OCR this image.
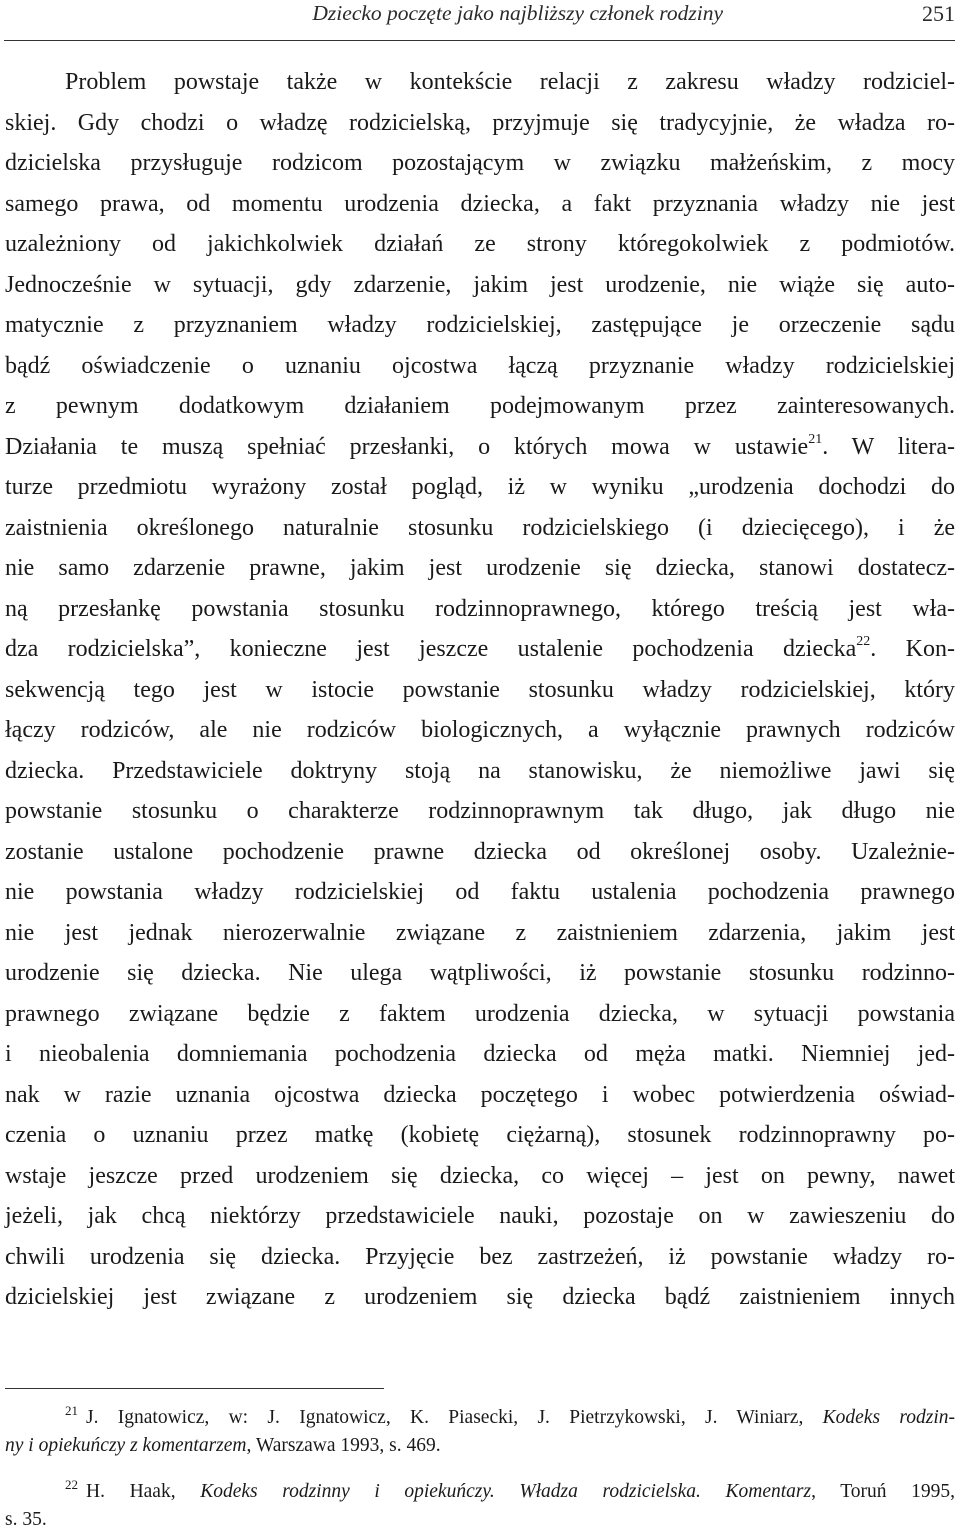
Dziecko poczęte jako najbliższy członek rodziny	251
Problem powstaje także w kontekście relacji z zakresu władzy rodziciel-
skiej. Gdy chodzi o władzę rodzicielską, przyjmuje się tradycyjnie, że władza ro-
dzicielska przysługuje rodzicom pozostającym w związku małżeńskim, z mocy
samego prawa, od momentu urodzenia dziecka, a fakt przyznania władzy nie jest
uzależniony od jakichkolwiek działań ze strony któregokolwiek z podmiotów.
Jednocześnie w sytuacji, gdy zdarzenie, jakim jest urodzenie, nie wiąże się auto-
matycznie z przyznaniem władzy rodzicielskiej, zastępujące je orzeczenie sądu
bądź oświadczenie o uznaniu ojcostwa łączą przyznanie władzy rodzicielskiej
z pewnym dodatkowym działaniem podejmowanym przez zainteresowanych.
Działania te muszą spełniać przesłanki, o których mowa w ustawie$^{21}$. W litera-
turze przedmiotu wyrażony został pogląd, iż w wyniku „urodzenia dochodzi do
zaistnienia określonego naturalnie stosunku rodzicielskiego (i dziecięcego), i że
nie samo zdarzenie prawne, jakim jest urodzenie się dziecka, stanowi dostatecz-
ną przesłankę powstania stosunku rodzinnoprawnego, którego treścią jest wła-
dza rodzicielska”, konieczne jest jeszcze ustalenie pochodzenia dziecka$^{22}$. Kon-
sekwencją tego jest w istocie powstanie stosunku władzy rodzicielskiej, który
łączy rodziców, ale nie rodziców biologicznych, a wyłącznie prawnych rodziców
dziecka. Przedstawiciele doktryny stoją na stanowisku, że niemożliwe jawi się
powstanie stosunku o charakterze rodzinnoprawnym tak długo, jak długo nie
zostanie ustalone pochodzenie prawne dziecka od określonej osoby. Uzależnie-
nie powstania władzy rodzicielskiej od faktu ustalenia pochodzenia prawnego
nie jest jednak nierozerwalnie związane z zaistnieniem zdarzenia, jakim jest
urodzenie się dziecka. Nie ulega wątpliwości, iż powstanie stosunku rodzinno-
prawnego związane będzie z faktem urodzenia dziecka, w sytuacji powstania
i nieobalenia domniemania pochodzenia dziecka od męża matki. Niemniej jed-
nak w razie uznania ojcostwa dziecka poczętego i wobec potwierdzenia oświad-
czenia o uznaniu przez matkę (kobietę ciężarną), stosunek rodzinnoprawny po-
wstaje jeszcze przed urodzeniem się dziecka, co więcej – jest on pewny, nawet
jeżeli, jak chcą niektórzy przedstawiciele nauki, pozostaje on w zawieszeniu do
chwili urodzenia się dziecka. Przyjęcie bez zastrzeżeń, iż powstanie władzy ro-
dzicielskiej jest związane z urodzeniem się dziecka bądź zaistnieniem innych
$^{21}$ J. Ignatowicz, w: J. Ignatowicz, K. Piasecki, J. Pietrzykowski, J. Winiarz, Kodeks rodzin-
ny i opiekuńczy z komentarzem, Warszawa 1993, s. 469.
$^{22}$ H. Haak, Kodeks rodzinny i opiekuńczy. Władza rodzicielska. Komentarz, Toruń 1995,
s. 35.
